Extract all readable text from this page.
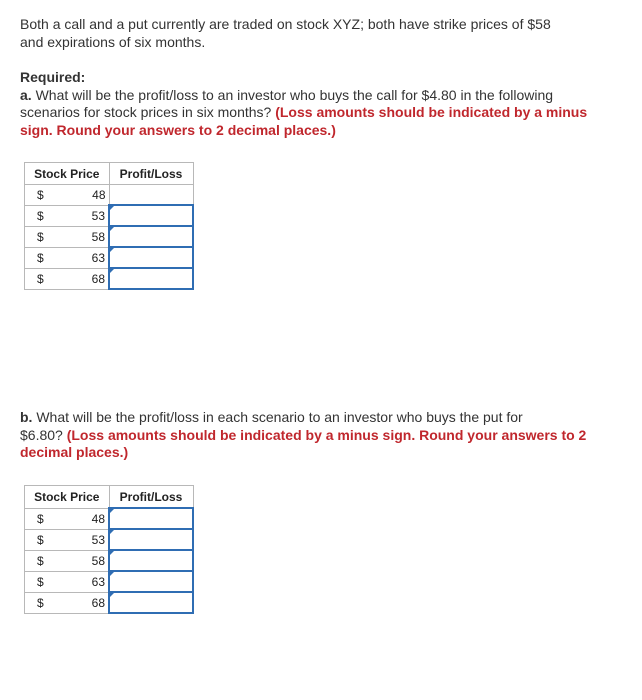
Both a call and a put currently are traded on stock XYZ; both have strike prices of $58
and expirations of six months.
Required:
a. What will be the profit/loss to an investor who buys the call for $4.80 in the following
scenarios for stock prices in six months? (Loss amounts should be indicated by a minus
sign. Round your answers to 2 decimal places.)
Stock Price	Profit/Loss

$ 48	

$ 53

$ 58

$ 63

$ 68

b. What will be the profit/loss in each scenario to an investor who buys the put for
$6.80? (Loss amounts should be indicated by a minus sign. Round your answers to 2
decimal places.)
Stock Price	Profit/Loss

$ 48

$ 53

$ 58

$ 63

$ 68
